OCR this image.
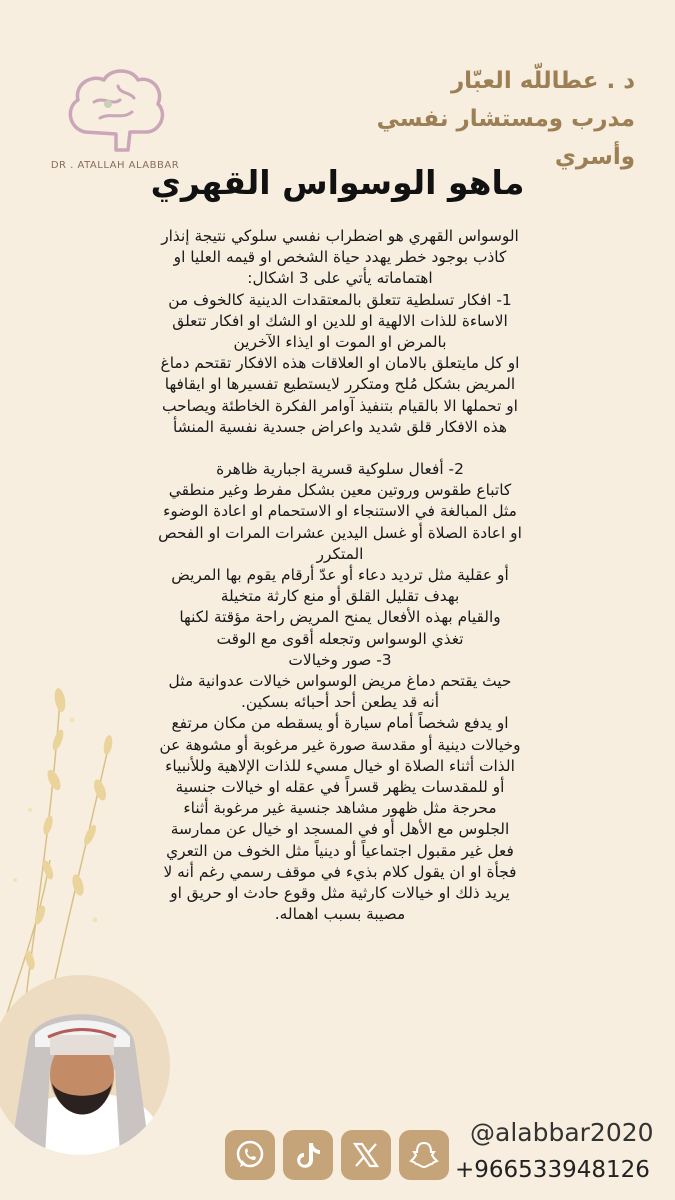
DR . ATALLAH ALABBAR
د . عطاللّه العبّار
مدرب ومستشار نفسي وأسري
ماهو الوسواس القهري
الوسواس القهري هو اضطراب نفسي سلوكي نتيجة إنذار
كاذب بوجود خطر يهدد حياة الشخص او قيمه العليا او
اهتماماته يأتي على 3 اشكال:
1- افكار تسلطية تتعلق بالمعتقدات الدينية كالخوف من
الاساءة للذات الالهية او للدين او الشك او افكار تتعلق
بالمرض او الموت او ايذاء الآخرين
او كل مايتعلق بالامان او العلاقات هذه الافكار تقتحم دماغ
المريض بشكل مُلح ومتكرر لايستطيع تفسيرها او ايقافها
او تحملها الا بالقيام بتنفيذ آوامر الفكرة الخاطئة ويصاحب
هذه الافكار قلق شديد واعراض جسدية نفسية المنشأ
2- أفعال سلوكية قسرية اجبارية ظاهرة
كاتباع طقوس وروتين معين بشكل مفرط وغير منطقي
مثل المبالغة في الاستنجاء او الاستحمام او اعادة الوضوء
او اعادة الصلاة أو غسل اليدين عشرات المرات او الفحص
المتكرر
أو عقلية مثل ترديد دعاء أو عدّ أرقام يقوم بها المريض
بهدف تقليل القلق أو منع كارثة متخيلة
والقيام بهذه الأفعال يمنح المريض راحة مؤقتة لكنها
تغذي الوسواس وتجعله أقوى مع الوقت
3- صور وخيالات
حيث يقتحم دماغ مريض الوسواس خيالات عدوانية مثل
أنه قد يطعن أحد أحبائه بسكين.
او يدفع شخصاً أمام سيارة أو يسقطه من مكان مرتفع
وخيالات دينية أو مقدسة صورة غير مرغوبة أو مشوهة عن
الذات أثناء الصلاة او خيال مسيء للذات الإلاهية وللأنبياء
أو للمقدسات يظهر قسراً في عقله او خيالات جنسية
محرجة مثل ظهور مشاهد جنسية غير مرغوبة أثناء
الجلوس مع الأهل أو في المسجد او خيال عن ممارسة
فعل غير مقبول اجتماعياً أو دينياً مثل الخوف من التعري
فجأة او ان يقول كلام بذيء في موقف رسمي رغم أنه لا
يريد ذلك او خيالات كارثية مثل وقوع حادث او حريق او
مصيبة بسبب اهماله.
@alabbar2020
+966533948126
